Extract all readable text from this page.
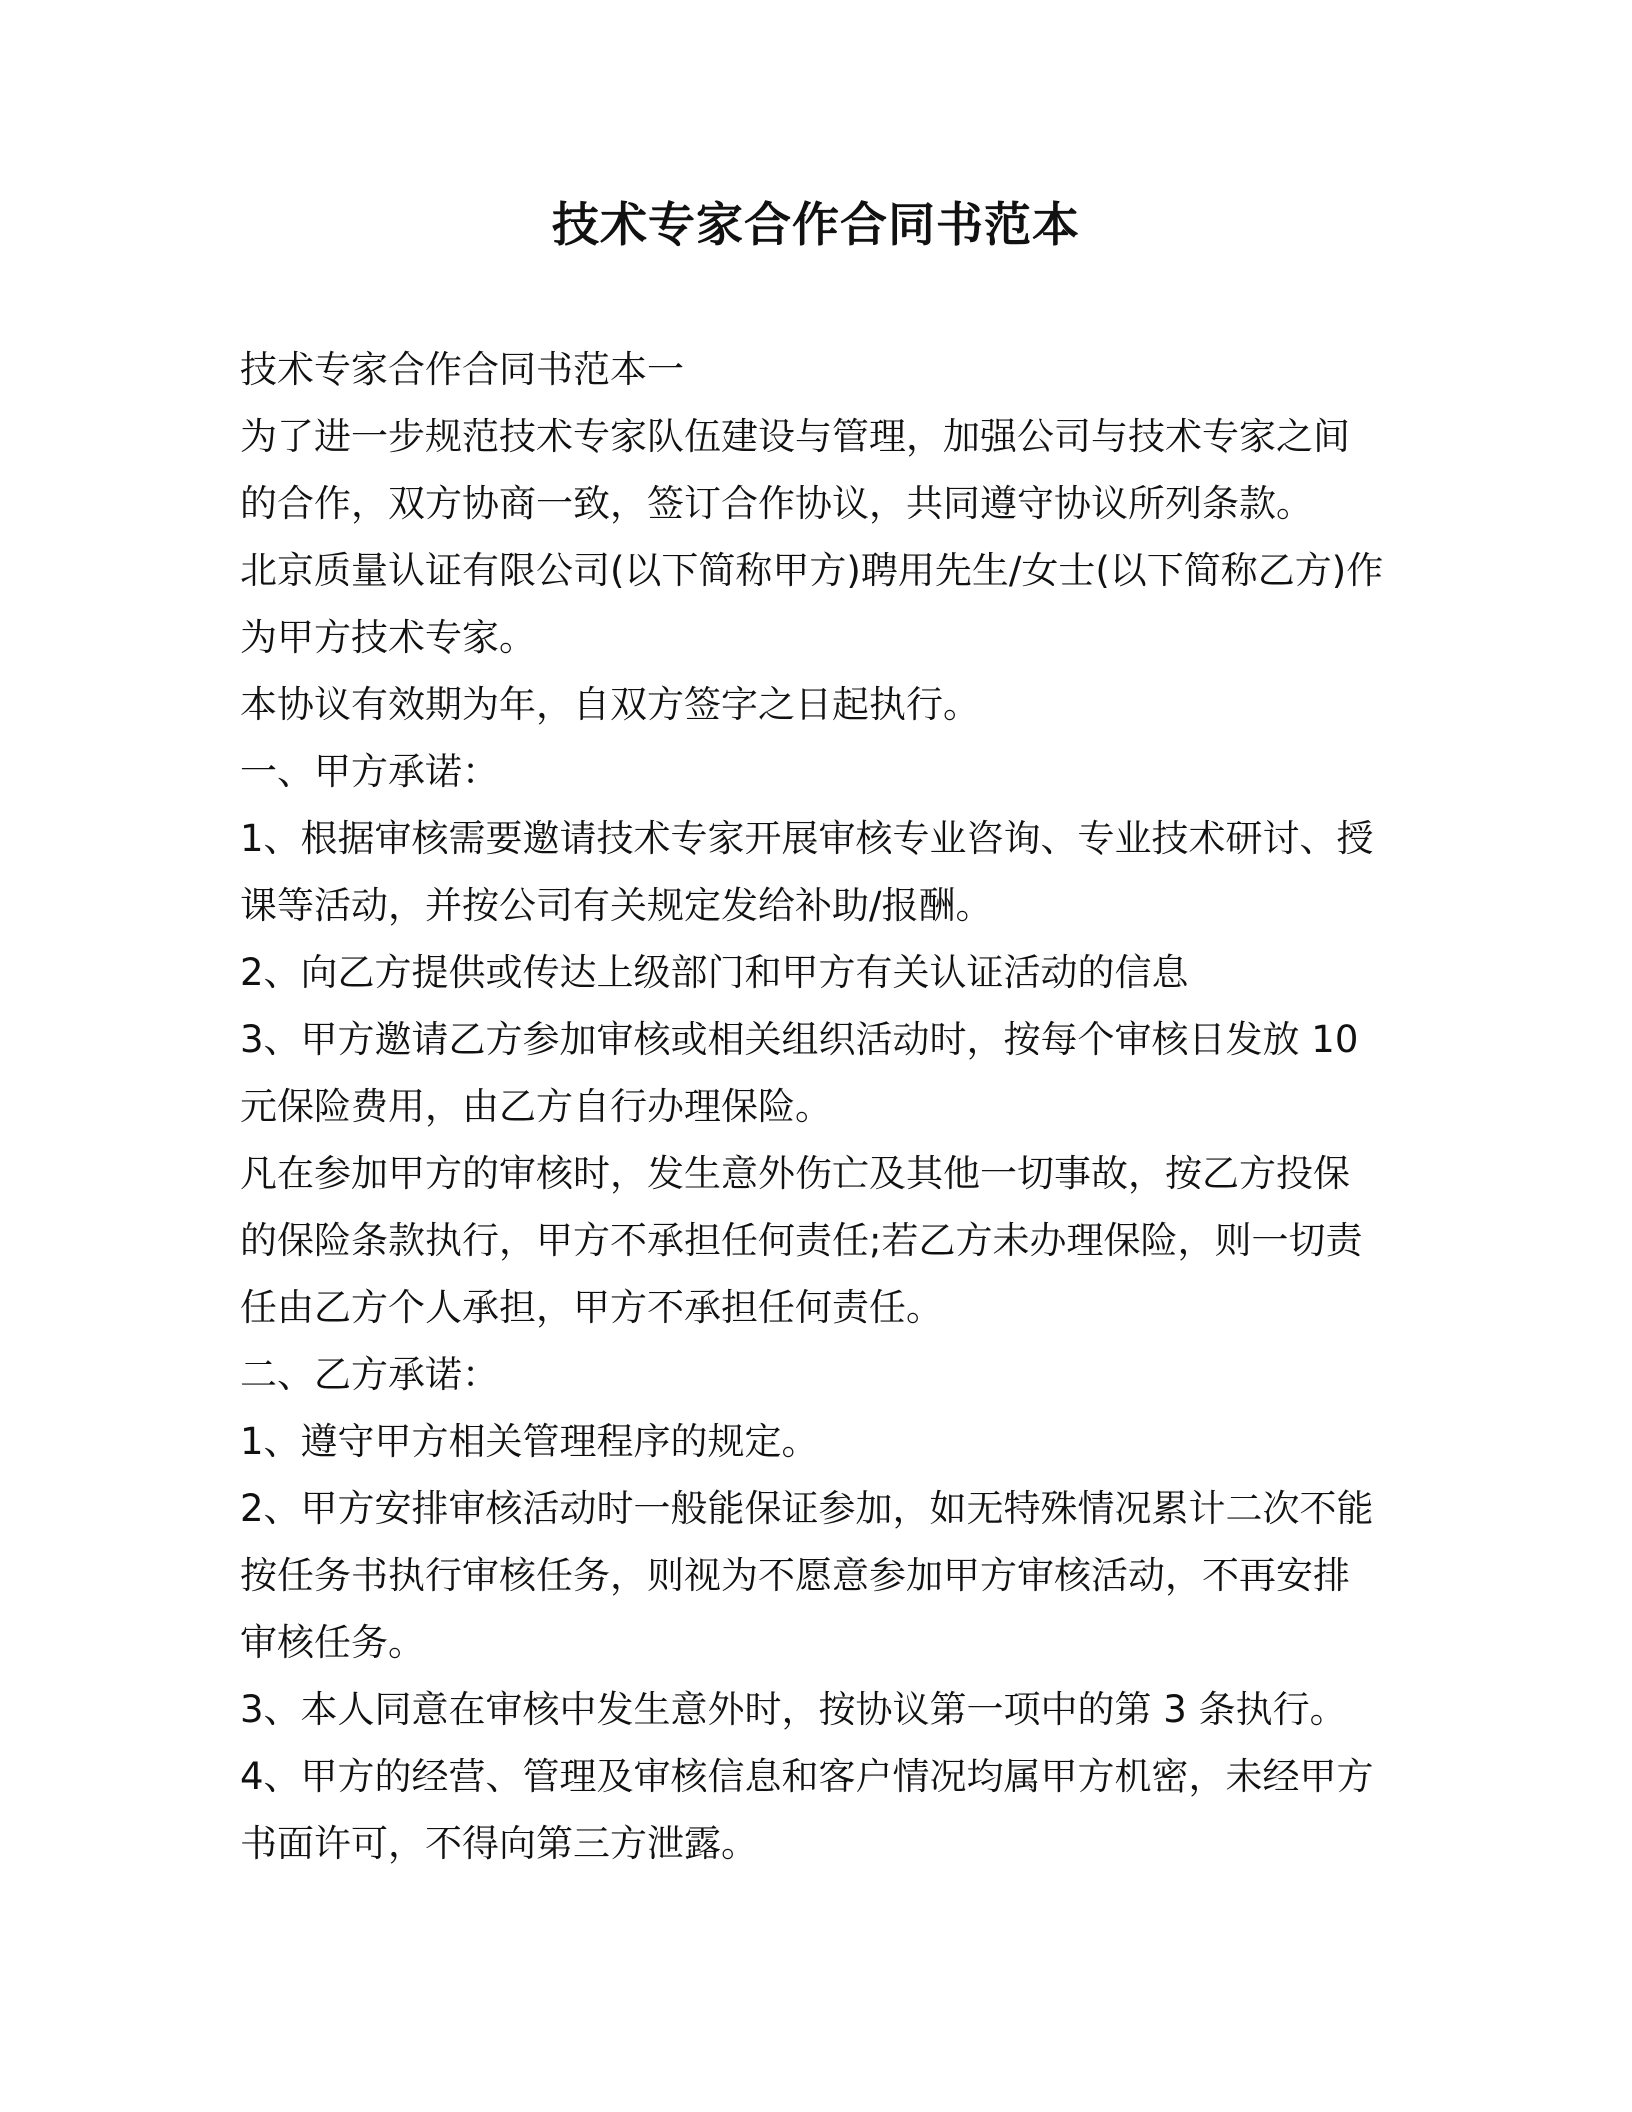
技术专家合作合同书范本
技术专家合作合同书范本一
为了进一步规范技术专家队伍建设与管理，加强公司与技术专家之间
的合作，双方协商一致，签订合作协议，共同遵守协议所列条款。
北京质量认证有限公司(以下简称甲方)聘用先生/女士(以下简称乙方)作
为甲方技术专家。
本协议有效期为年，自双方签字之日起执行。
一、甲方承诺：
1、根据审核需要邀请技术专家开展审核专业咨询、专业技术研讨、授
课等活动，并按公司有关规定发给补助/报酬。
2、向乙方提供或传达上级部门和甲方有关认证活动的信息
3、甲方邀请乙方参加审核或相关组织活动时，按每个审核日发放 10
元保险费用，由乙方自行办理保险。
凡在参加甲方的审核时，发生意外伤亡及其他一切事故，按乙方投保
的保险条款执行，甲方不承担任何责任;若乙方未办理保险，则一切责
任由乙方个人承担，甲方不承担任何责任。
二、乙方承诺：
1、遵守甲方相关管理程序的规定。
2、甲方安排审核活动时一般能保证参加，如无特殊情况累计二次不能
按任务书执行审核任务，则视为不愿意参加甲方审核活动，不再安排
审核任务。
3、本人同意在审核中发生意外时，按协议第一项中的第 3 条执行。
4、甲方的经营、管理及审核信息和客户情况均属甲方机密，未经甲方
书面许可，不得向第三方泄露。
